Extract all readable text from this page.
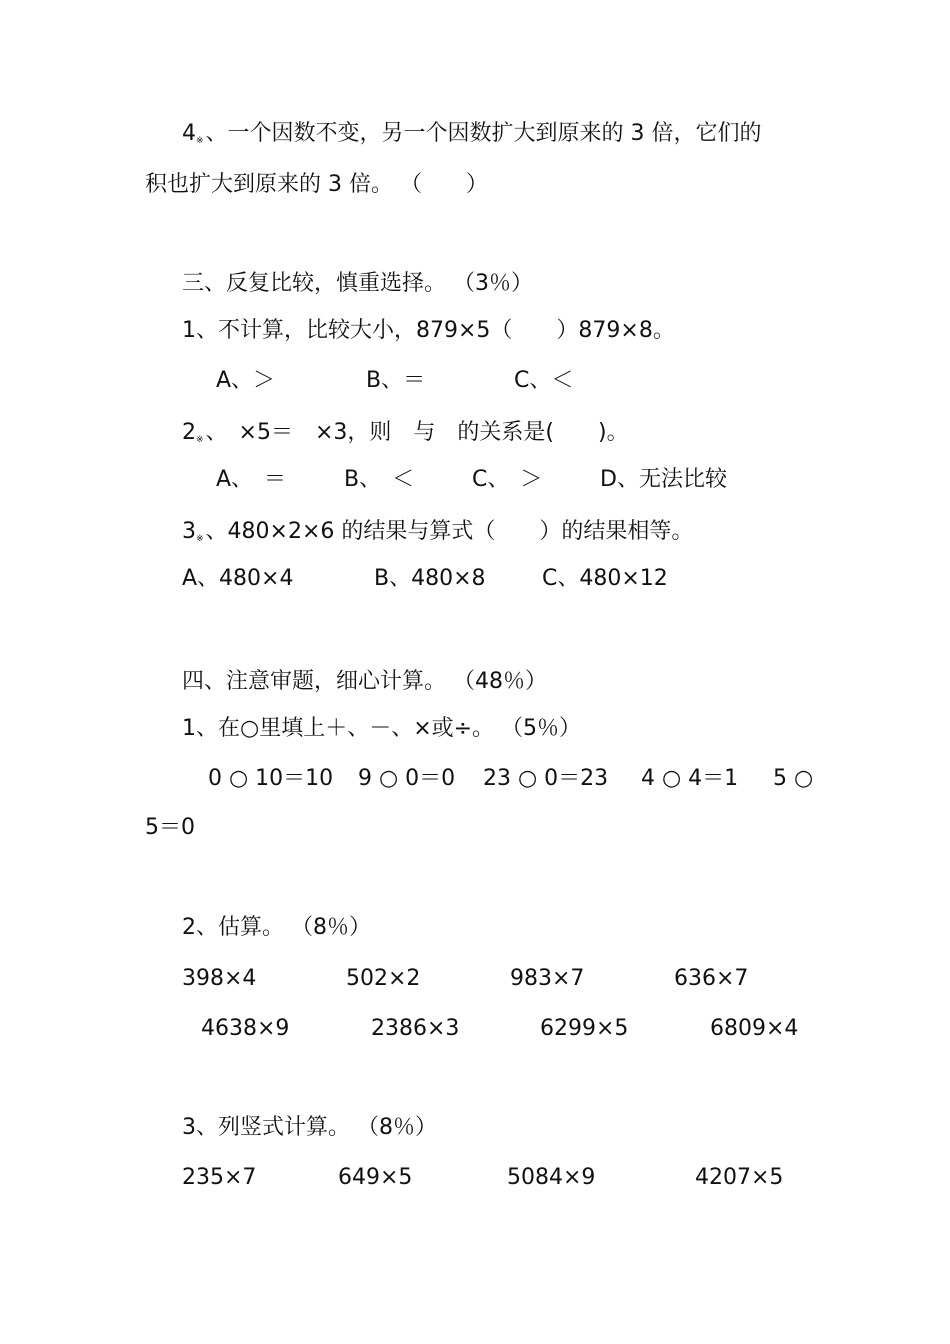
4※、一个因数不变，另一个因数扩大到原来的 3 倍，它们的
积也扩大到原来的 3 倍。 （　　）
三、反复比较，慎重选择。 （3％）
1、不计算，比较大小，879×5（　　）879×8。
A、＞	B、＝	C、＜
2※、　×5＝　×3，则　与　的关系是(　　)。
A、　＝	B、　＜	C、　＞	D、无法比较
3※、480×2×6 的结果与算式（　　）的结果相等。
A、480×4	B、480×8	C、480×12
四、注意审题，细心计算。 （48％）
1、在○里填上＋、－、×或÷。 （5％）
0 ○ 10＝10 9 ○ 0＝0 23 ○ 0＝23 4 ○ 4＝1 5 ○
5＝0
2、估算。 （8％）
398×4	502×2	983×7	636×7
4638×9	2386×3	6299×5	6809×4
3、列竖式计算。 （8％）
235×7	649×5	5084×9	4207×5
